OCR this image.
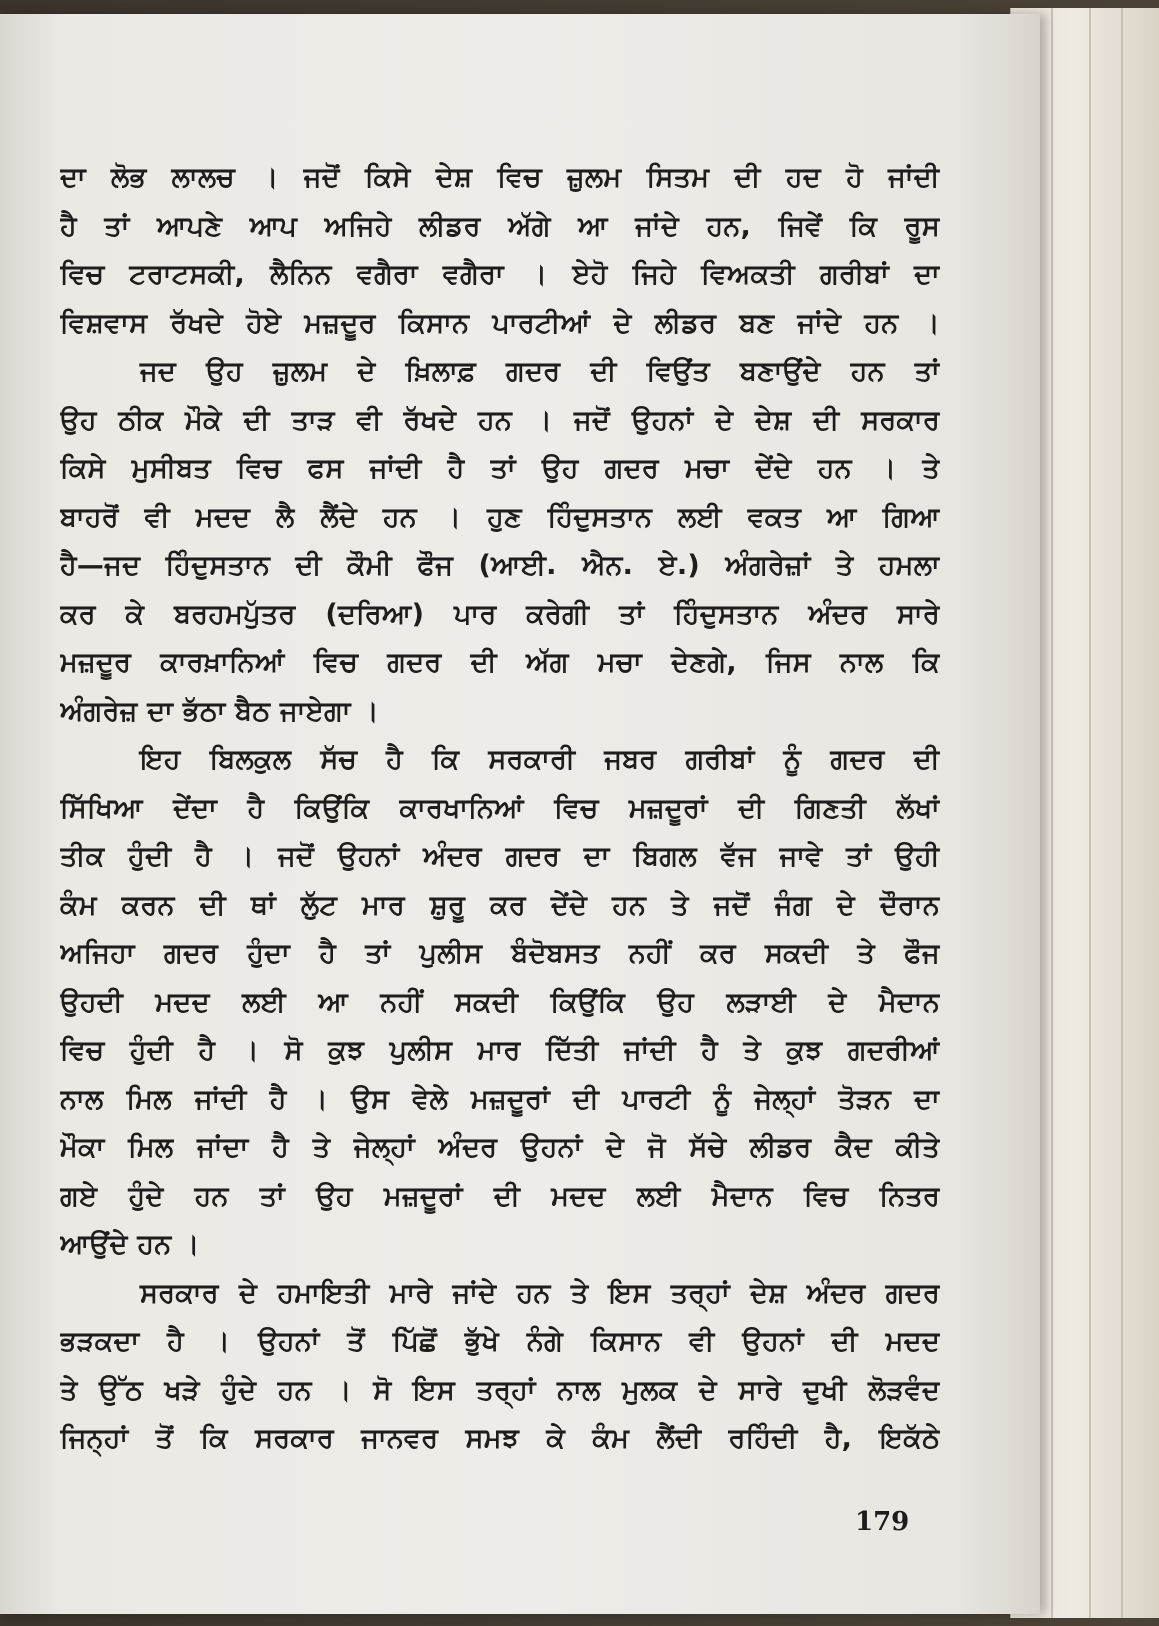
ਦਾ ਲੋਭ ਲਾਲਚ । ਜਦੋਂ ਕਿਸੇ ਦੇਸ਼ ਵਿਚ ਜ਼ੁਲਮ ਸਿਤਮ ਦੀ ਹਦ ਹੋ ਜਾਂਦੀ
ਹੈ ਤਾਂ ਆਪਣੇ ਆਪ ਅਜਿਹੇ ਲੀਡਰ ਅੱਗੇ ਆ ਜਾਂਦੇ ਹਨ, ਜਿਵੇਂ ਕਿ ਰੂਸ
ਵਿਚ ਟਰਾਟਸਕੀ, ਲੈਨਿਨ ਵਗੈਰਾ ਵਗੈਰਾ । ਏਹੋ ਜਿਹੇ ਵਿਅਕਤੀ ਗਰੀਬਾਂ ਦਾ
ਵਿਸ਼ਵਾਸ ਰੱਖਦੇ ਹੋਏ ਮਜ਼ਦੂਰ ਕਿਸਾਨ ਪਾਰਟੀਆਂ ਦੇ ਲੀਡਰ ਬਣ ਜਾਂਦੇ ਹਨ ।
ਜਦ ਉਹ ਜ਼ੁਲਮ ਦੇ ਖ਼ਿਲਾਫ਼ ਗਦਰ ਦੀ ਵਿਉਂਤ ਬਣਾਉਂਦੇ ਹਨ ਤਾਂ
ਉਹ ਠੀਕ ਮੌਕੇ ਦੀ ਤਾੜ ਵੀ ਰੱਖਦੇ ਹਨ । ਜਦੋਂ ਉਹਨਾਂ ਦੇ ਦੇਸ਼ ਦੀ ਸਰਕਾਰ
ਕਿਸੇ ਮੁਸੀਬਤ ਵਿਚ ਫਸ ਜਾਂਦੀ ਹੈ ਤਾਂ ਉਹ ਗਦਰ ਮਚਾ ਦੇਂਦੇ ਹਨ । ਤੇ
ਬਾਹਰੋਂ ਵੀ ਮਦਦ ਲੈ ਲੈਂਦੇ ਹਨ । ਹੁਣ ਹਿੰਦੁਸਤਾਨ ਲਈ ਵਕਤ ਆ ਗਿਆ
ਹੈ—ਜਦ ਹਿੰਦੁਸਤਾਨ ਦੀ ਕੌਮੀ ਫੌਜ (ਆਈ. ਐਨ. ਏ.) ਅੰਗਰੇਜ਼ਾਂ ਤੇ ਹਮਲਾ
ਕਰ ਕੇ ਬਰਹਮਪੁੱਤਰ (ਦਰਿਆ) ਪਾਰ ਕਰੇਗੀ ਤਾਂ ਹਿੰਦੁਸਤਾਨ ਅੰਦਰ ਸਾਰੇ
ਮਜ਼ਦੂਰ ਕਾਰਖ਼ਾਨਿਆਂ ਵਿਚ ਗਦਰ ਦੀ ਅੱਗ ਮਚਾ ਦੇਣਗੇ, ਜਿਸ ਨਾਲ ਕਿ
ਅੰਗਰੇਜ਼ ਦਾ ਭੱਠਾ ਬੈਠ ਜਾਏਗਾ ।
ਇਹ ਬਿਲਕੁਲ ਸੱਚ ਹੈ ਕਿ ਸਰਕਾਰੀ ਜਬਰ ਗਰੀਬਾਂ ਨੂੰ ਗਦਰ ਦੀ
ਸਿੱਖਿਆ ਦੇਂਦਾ ਹੈ ਕਿਉਂਕਿ ਕਾਰਖਾਨਿਆਂ ਵਿਚ ਮਜ਼ਦੂਰਾਂ ਦੀ ਗਿਣਤੀ ਲੱਖਾਂ
ਤੀਕ ਹੁੰਦੀ ਹੈ । ਜਦੋਂ ਉਹਨਾਂ ਅੰਦਰ ਗਦਰ ਦਾ ਬਿਗਲ ਵੱਜ ਜਾਵੇ ਤਾਂ ਉਹੀ
ਕੰਮ ਕਰਨ ਦੀ ਥਾਂ ਲੁੱਟ ਮਾਰ ਸ਼ੁਰੂ ਕਰ ਦੇਂਦੇ ਹਨ ਤੇ ਜਦੋਂ ਜੰਗ ਦੇ ਦੌਰਾਨ
ਅਜਿਹਾ ਗਦਰ ਹੁੰਦਾ ਹੈ ਤਾਂ ਪੁਲੀਸ ਬੰਦੋਬਸਤ ਨਹੀਂ ਕਰ ਸਕਦੀ ਤੇ ਫੌਜ
ਉਹਦੀ ਮਦਦ ਲਈ ਆ ਨਹੀਂ ਸਕਦੀ ਕਿਉਂਕਿ ਉਹ ਲੜਾਈ ਦੇ ਮੈਦਾਨ
ਵਿਚ ਹੁੰਦੀ ਹੈ । ਸੋ ਕੁਝ ਪੁਲੀਸ ਮਾਰ ਦਿੱਤੀ ਜਾਂਦੀ ਹੈ ਤੇ ਕੁਝ ਗਦਰੀਆਂ
ਨਾਲ ਮਿਲ ਜਾਂਦੀ ਹੈ । ਉਸ ਵੇਲੇ ਮਜ਼ਦੂਰਾਂ ਦੀ ਪਾਰਟੀ ਨੂੰ ਜੇਲ੍ਹਾਂ ਤੋੜਨ ਦਾ
ਮੌਕਾ ਮਿਲ ਜਾਂਦਾ ਹੈ ਤੇ ਜੇਲ੍ਹਾਂ ਅੰਦਰ ਉਹਨਾਂ ਦੇ ਜੋ ਸੱਚੇ ਲੀਡਰ ਕੈਦ ਕੀਤੇ
ਗਏ ਹੁੰਦੇ ਹਨ ਤਾਂ ਉਹ ਮਜ਼ਦੂਰਾਂ ਦੀ ਮਦਦ ਲਈ ਮੈਦਾਨ ਵਿਚ ਨਿਤਰ
ਆਉਂਦੇ ਹਨ ।
ਸਰਕਾਰ ਦੇ ਹਮਾਇਤੀ ਮਾਰੇ ਜਾਂਦੇ ਹਨ ਤੇ ਇਸ ਤਰ੍ਹਾਂ ਦੇਸ਼ ਅੰਦਰ ਗਦਰ
ਭੜਕਦਾ ਹੈ । ਉਹਨਾਂ ਤੋਂ ਪਿੱਛੋਂ ਭੁੱਖੇ ਨੰਗੇ ਕਿਸਾਨ ਵੀ ਉਹਨਾਂ ਦੀ ਮਦਦ
ਤੇ ਉੱਠ ਖੜੇ ਹੁੰਦੇ ਹਨ । ਸੋ ਇਸ ਤਰ੍ਹਾਂ ਨਾਲ ਮੁਲਕ ਦੇ ਸਾਰੇ ਦੁਖੀ ਲੋੜਵੰਦ
ਜਿਨ੍ਹਾਂ ਤੋਂ ਕਿ ਸਰਕਾਰ ਜਾਨਵਰ ਸਮਝ ਕੇ ਕੰਮ ਲੈਂਦੀ ਰਹਿੰਦੀ ਹੈ, ਇਕੱਠੇ
179
